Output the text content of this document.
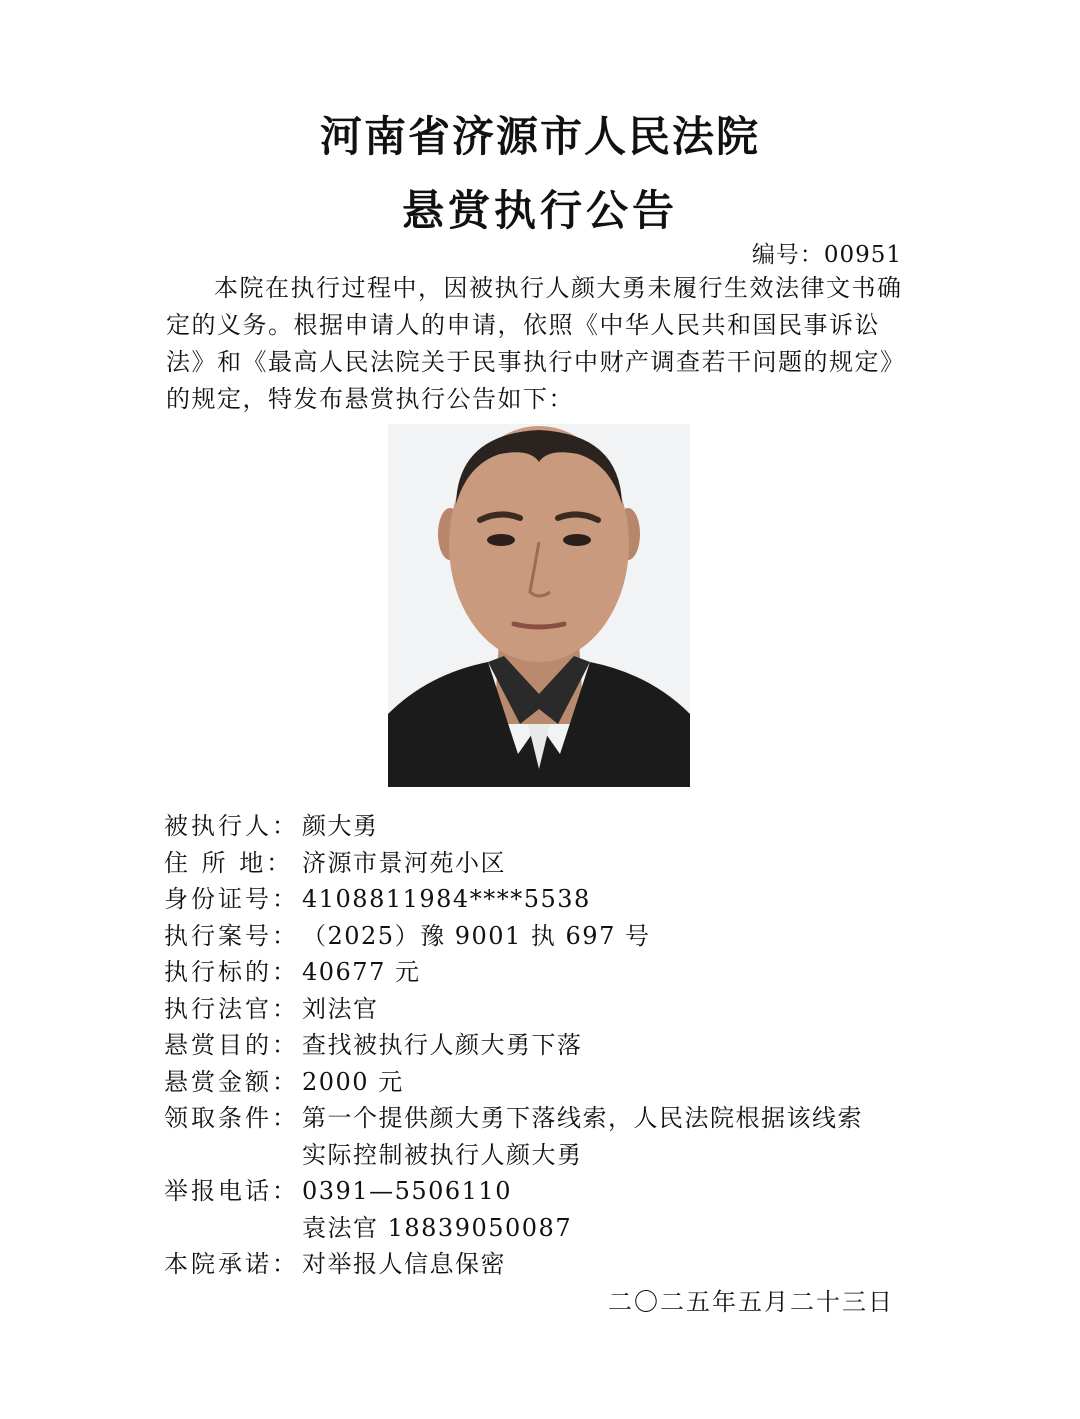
河南省济源市人民法院
悬赏执行公告
编号：00951

本院在执行过程中，因被执行人颜大勇未履行生效法律文书确定的义务。根据申请人的申请，依照《中华人民共和国民事诉讼法》和《最高人民法院关于民事执行中财产调查若干问题的规定》的规定，特发布悬赏执行公告如下：

被执行人： 颜大勇
住 所 地： 济源市景河苑小区
身份证号： 4108811984****5538
执行案号： （2025）豫 9001 执 697 号
执行标的： 40677 元
执行法官： 刘法官
悬赏目的： 查找被执行人颜大勇下落
悬赏金额： 2000 元
领取条件： 第一个提供颜大勇下落线索，人民法院根据该线索
实际控制被执行人颜大勇
举报电话： 0391—5506110
袁法官 18839050087
本院承诺： 对举报人信息保密
二〇二五年五月二十三日
